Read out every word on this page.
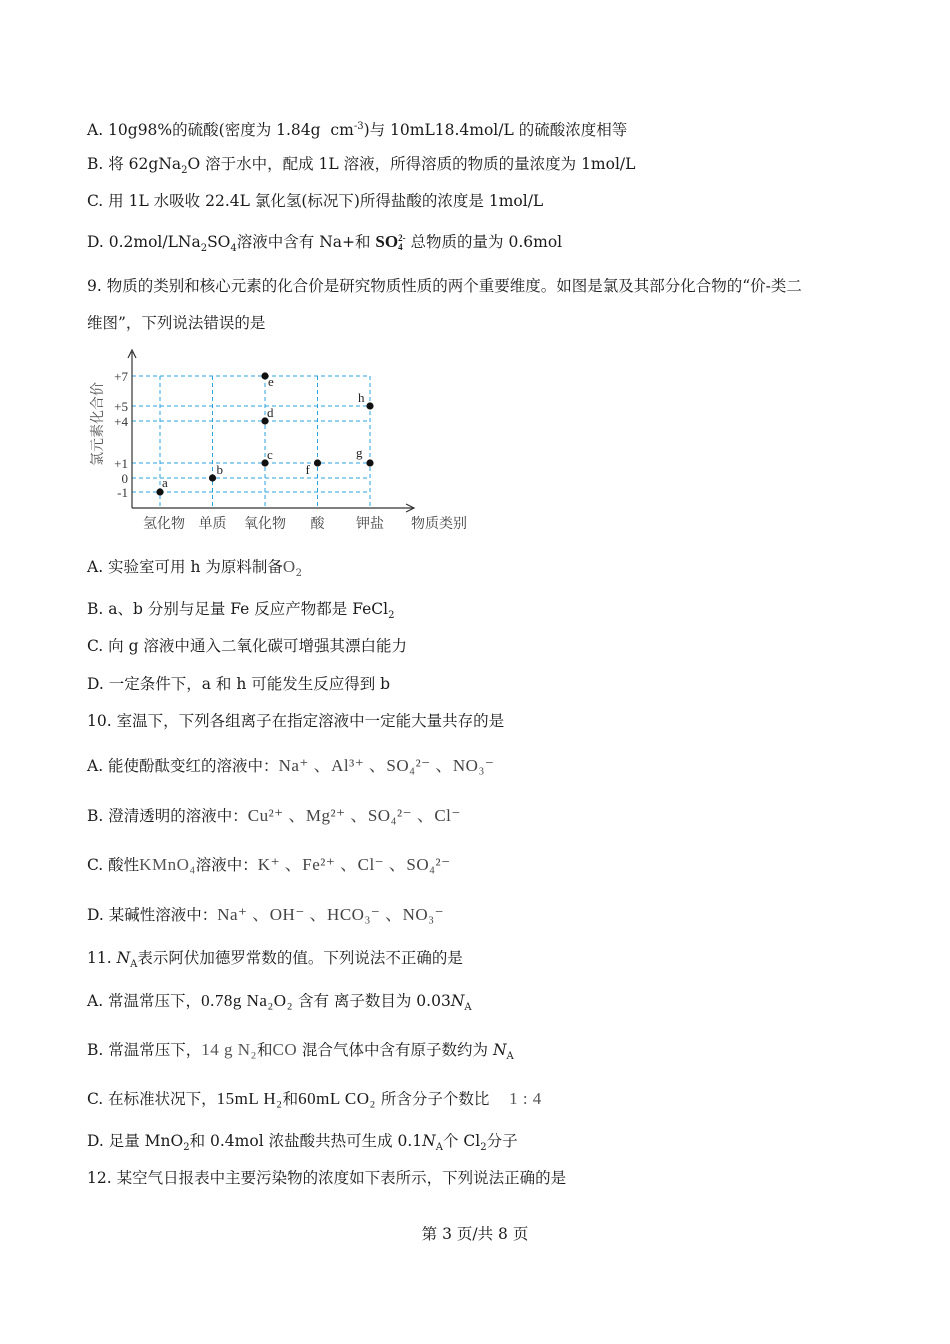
A. 10g98%的硫酸(密度为 1.84g $cm^{-3}$)与 10mL18.4mol/L 的硫酸浓度相等
B. 将 62gNa$_2$O 溶于水中，配成 1L 溶液，所得溶质的物质的量浓度为 1mol/L
C. 用 1L 水吸收 22.4L 氯化氢(标况下)所得盐酸的浓度是 1mol/L
D. $0.2mol/LNa_2SO_4$溶液中含有 Na+和 SO 2-
4 总物质的量为 0.6mol
9. 物质的类别和核心元素的化合价是研究物质性质的两个重要维度。如图是氯及其部分化合物的“价-类二
维图”，下列说法错误的是
-1
0
+1
+4
+5
+7
氢化物 单质 氧化物 酸 钾盐
a
b
c
d
e
f
g
h
氯元素化合价
物质类别
A. 实验室可用 h 为原料制备$O_2$
B. a、b 分别与足量 Fe 反应产物都是 FeCl$_2$
C. 向 g 溶液中通入二氧化碳可增强其漂白能力
D. 一定条件下，a 和 h 可能发生反应得到 b
10. 室温下，下列各组离子在指定溶液中一定能大量共存的是
A. 能使酚酞变红的溶液中：Na⁺ 、Al³⁺ 、SO₄²⁻ 、NO₃⁻
B. 澄清透明的溶液中：Cu²⁺ 、Mg²⁺ 、SO₄²⁻ 、Cl⁻
C. 酸性KMnO₄溶液中：K⁺ 、Fe²⁺ 、Cl⁻ 、SO₄²⁻
D. 某碱性溶液中：Na⁺ 、OH⁻ 、HCO₃⁻ 、NO₃⁻
11. $N_A$表示阿伏加德罗常数的值。下列说法不正确的是
A. 常温常压下，0.78g Na₂O₂ 含有 离子数目为 $0.03N_A$
B. 常温常压下，14 g N₂和CO 混合气体中含有原子数约为 $N_A$
C. 在标准状况下，15mL H₂和60mL CO₂ 所含分子个数比 1 : 4
D. 足量 MnO$_2$和 0.4mol 浓盐酸共热可生成 $0.1N_A$个 $Cl_2$分子
12. 某空气日报表中主要污染物的浓度如下表所示，下列说法正确的是
第 3 页/共 8 页
